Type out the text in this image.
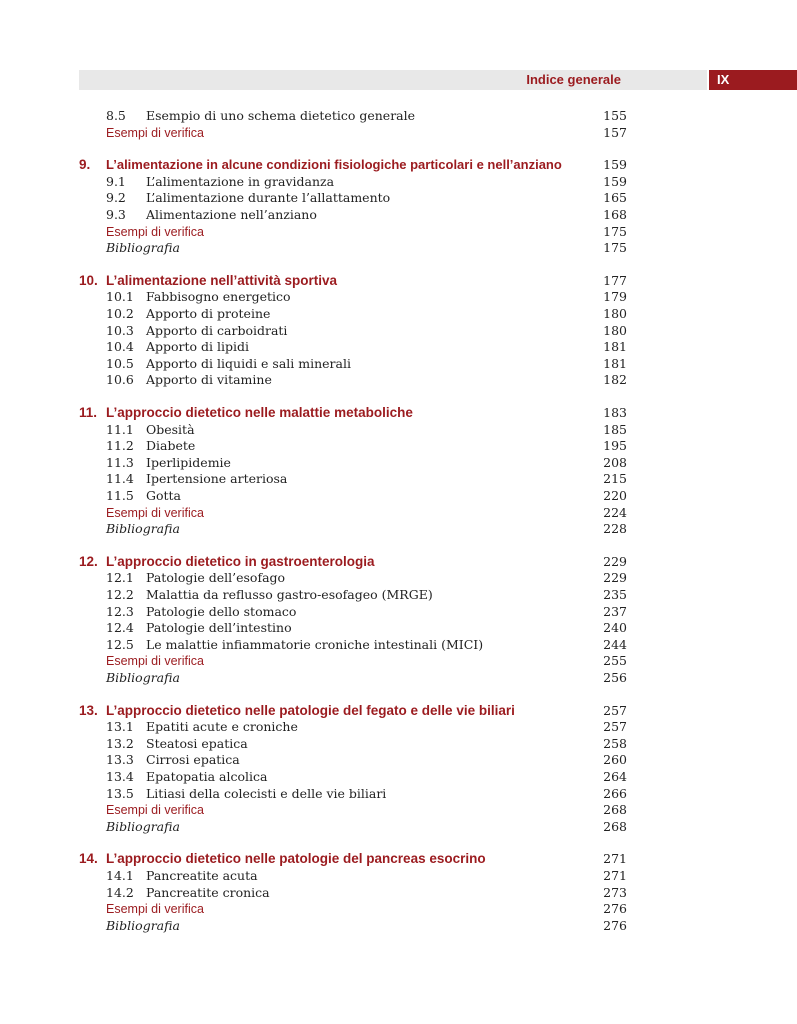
Indice generale	IX
8.5 Esempio di uno schema dietetico generale	155
Esempi di verifica	157
9. L’alimentazione in alcune condizioni fisiologiche particolari e nell’anziano	159
9.1 L’alimentazione in gravidanza	159
9.2 L’alimentazione durante l’allattamento	165
9.3 Alimentazione nell’anziano	168
Esempi di verifica	175
Bibliografia	175
10. L’alimentazione nell’attività sportiva	177
10.1 Fabbisogno energetico	179
10.2 Apporto di proteine	180
10.3 Apporto di carboidrati	180
10.4 Apporto di lipidi	181
10.5 Apporto di liquidi e sali minerali	181
10.6 Apporto di vitamine	182
11. L’approccio dietetico nelle malattie metaboliche	183
11.1 Obesità	185
11.2 Diabete	195
11.3 Iperlipidemie	208
11.4 Ipertensione arteriosa	215
11.5 Gotta	220
Esempi di verifica	224
Bibliografia	228
12. L’approccio dietetico in gastroenterologia	229
12.1 Patologie dell’esofago	229
12.2 Malattia da reflusso gastro-esofageo (MRGE)	235
12.3 Patologie dello stomaco	237
12.4 Patologie dell’intestino	240
12.5 Le malattie infiammatorie croniche intestinali (MICI)	244
Esempi di verifica	255
Bibliografia	256
13. L’approccio dietetico nelle patologie del fegato e delle vie biliari	257
13.1 Epatiti acute e croniche	257
13.2 Steatosi epatica	258
13.3 Cirrosi epatica	260
13.4 Epatopatia alcolica	264
13.5 Litiasi della colecisti e delle vie biliari	266
Esempi di verifica	268
Bibliografia	268
14. L’approccio dietetico nelle patologie del pancreas esocrino	271
14.1 Pancreatite acuta	271
14.2 Pancreatite cronica	273
Esempi di verifica	276
Bibliografia	276
